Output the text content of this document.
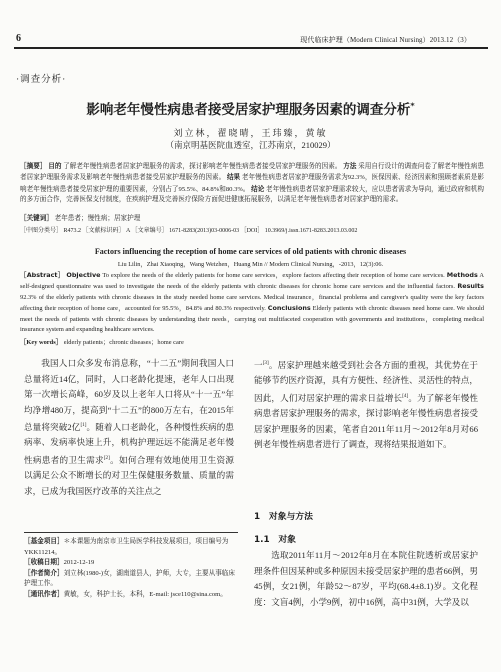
6	现代临床护理（Modern Clinical Nursing）2013.12（3）
·调查分析·
影响老年慢性病患者接受居家护理服务因素的调查分析*
刘立林，翟晓晴，王玮臻，黄敏
（南京明基医院血透室，江苏南京，210029）
［摘要］ 目的 了解老年慢性病患者居家护理服务的需求，探讨影响老年慢性病患者接受居家护理服务的因素。 方法 采用自行设计的调查问卷了解老年慢性病患者居家护理服务需求及影响老年慢性病患者接受居家护理服务的因素。 结果 老年慢性病患者居家护理服务需求为92.3%，医保因素、经济因素和照顾者素质是影响老年慢性病患者接受居家护理的重要因素，分别占了95.5%、84.8%和80.3%。 结论 老年慢性病患者居家护理需求较大，应以患者需求为导向，通过政府和机构的多方面合作，完善医保支付制度，在疾病护理及完善医疗保险方面促进健康拓展服务，以满足老年慢性病患者对居家护理的需求。
［关键词］ 老年患者；慢性病；居家护理
［中图分类号］ R473.2 ［文献标识码］ A ［文章编号］ 1671-8283(2013)03-0006-03 ［DOI］ 10.3969/j.issn.1671-8283.2013.03.002
Factors influencing the reception of home care services of old patients with chronic diseases
Liu Lilin，Zhai Xiaoqing，Wang Weizhen，Huang Min // Modern Clinical Nursing，-2013，12(3):06.
［Abstract］ Objective To explore the needs of the elderly patients for home care services，explore factors affecting their reception of home care services. Methods A self-designed questionnaire was used to investigate the needs of the elderly patients with chronic diseases for chronic home care services and the influential factors. Results 92.3% of the elderly patients with chronic diseases in the study needed home care services. Medical insurance，financial problems and caregiver's quality were the key factors affecting their reception of home care，accounted for 95.5%，84.8% and 80.3% respectively. Conclusions Elderly patients with chronic diseases need home care. We should meet the needs of patients with chronic diseases by understanding their needs，carrying out multifaceted cooperation with governments and institutions，completing medical insurance system and expanding healthcare services.
［Key words］ elderly patients；chronic diseases；home care
我国人口众多发布消息称，“十二五”期间我国人口总量将近14亿，同时，人口老龄化提速，老年人口出现第一次增长高峰，60岁及以上老年人口将从“十一五”年均净增480万，提高到“十二五”的800万左右，在2015年总量将突破2亿[1]。随着人口老龄化，各种慢性疾病的患病率、发病率快速上升，机构护理远远不能满足老年慢性病患者的卫生需求[2]。如何合理有效地使用卫生资源以满足公众不断增长的对卫生保健服务数量、质量的需求，已成为我国医疗改革的关注点之
［基金项目］＊本课题为南京市卫生局医学科技发展项目，项目编号为YKK11214。
［收稿日期］2012-12-19
［作者简介］刘立林(1980-)女，湖南道县人，护师，大专，主要从事临床护理工作。
［通讯作者］黄敏，女，科护士长，本科，E-mail: jsce110@sina.com。
一[3]。居家护理越来越受到社会各方面的重视，其优势在于能够节约医疗资源，具有方便性、经济性、灵活性的特点，因此，人们对居家护理的需求日益增长[4]。为了解老年慢性病患者居家护理服务的需求，探讨影响老年慢性病患者接受居家护理服务的因素，笔者自2011年11月～2012年8月对66例老年慢性病患者进行了调查，现将结果报道如下。
1　对象与方法
1.1　对象
选取2011年11月～2012年8月在本院住院透析或居家护理条件但因某种或多种原因未接受居家护理的患者66例，男45例，女21例，年龄52～87岁，平均(68.4±8.1)岁。文化程度：文盲4例，小学9例，初中16例，高中31例，大学及以
